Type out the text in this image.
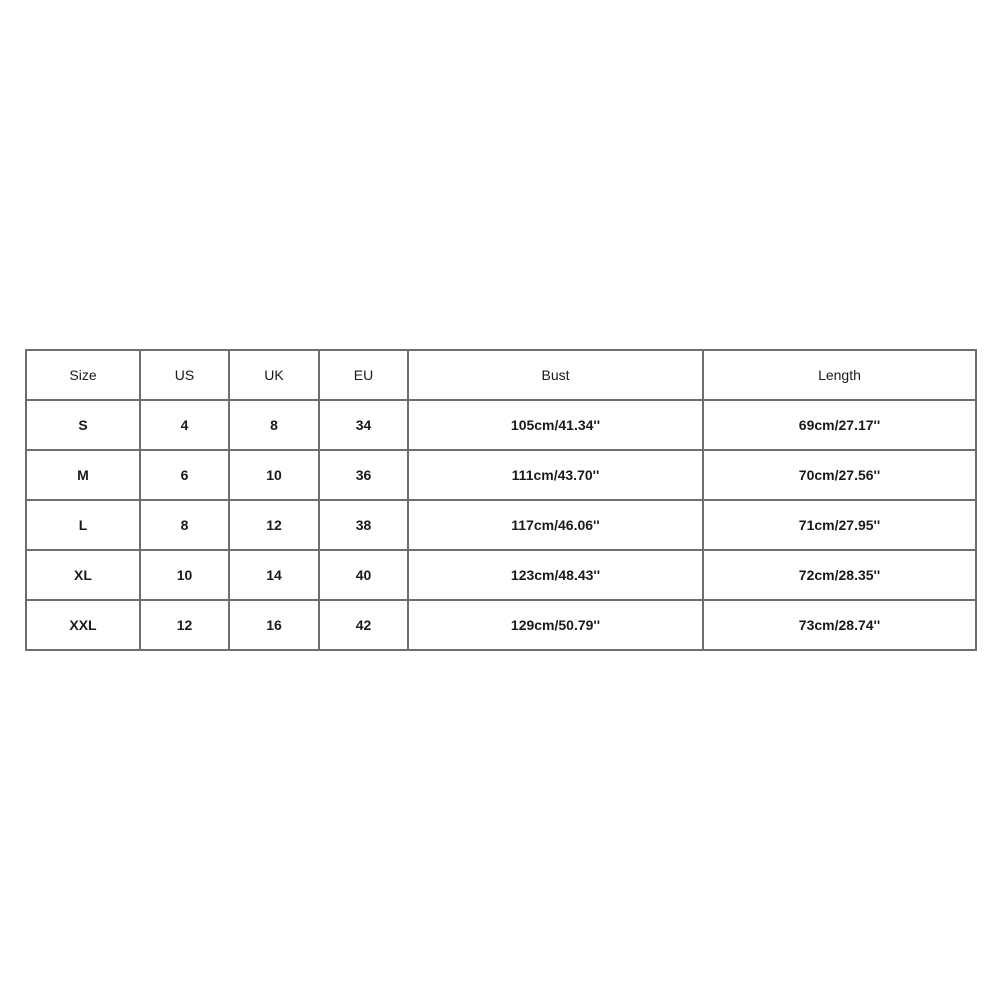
Size	US	UK	EU	Bust	Length
S	4	8	34	105cm/41.34''	69cm/27.17''
M	6	10	36	111cm/43.70''	70cm/27.56''
L	8	12	38	117cm/46.06''	71cm/27.95''
XL	10	14	40	123cm/48.43''	72cm/28.35''
XXL	12	16	42	129cm/50.79''	73cm/28.74''
